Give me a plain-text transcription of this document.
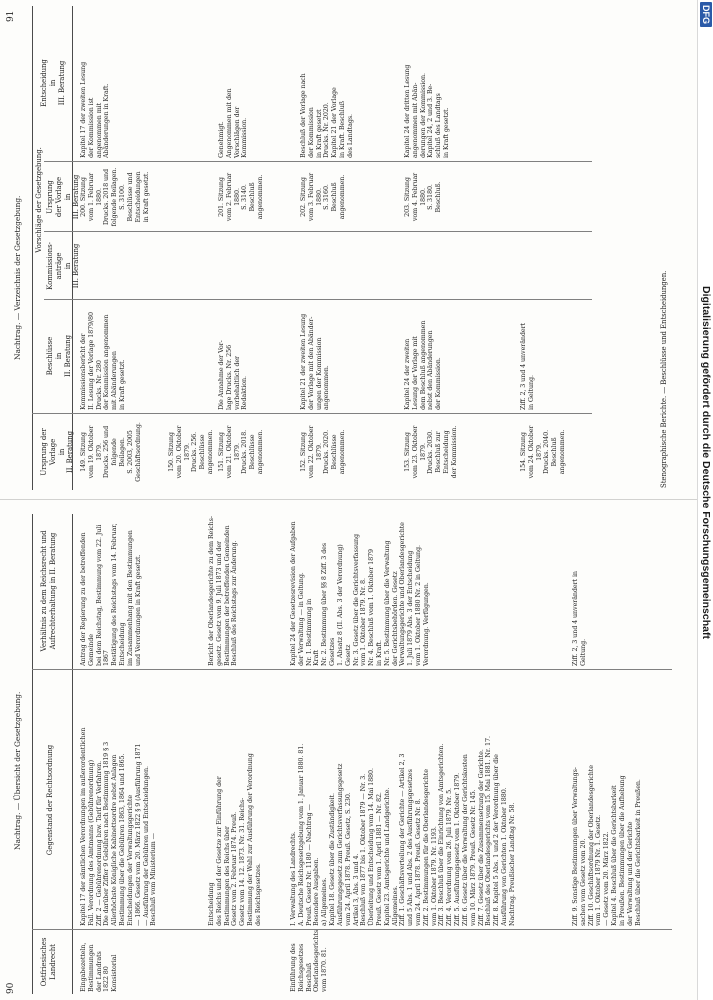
90
91
Nachtrag. — Übersicht der Gesetzgebung.
Ostfriesisches Landrecht
Gegenstand der Rechtsordnung
Verhältnis zu dem Reichsrecht und
Aufrechterhaltung in II. Beratung
Eingabezetteln,
Bestimmungen
der Landrats
1822 80
Konsistorial
Kapitel 17 der sämtlichen Verordnungen im außerordentlichen
Fall. Verordnung des Amtmanns (Gebührenordnung)
Ziff. 2 — Gebührenordnung bzw. Tarif für Verfahren.
Die darüber Ziffer 9 Gebühren nach Bestimmung 1819 § 3
Allerhöchste Königliche Kabinettsordre nebst Anlagen
Bestimmung über die Gebühren 1863, 1864 und 1865.
Entscheidungen der Verwaltungsgerichte
— 1866. Gesetz vom 20. März 1822 § 9 (Ausführung 1871
— Ausführung der Gebühren und Entscheidungen.
Beschluß vom Ministerium —
Antrag der Regierung zu der betreffenden Gemeinde
bei dem Reichstag, Bestimmung vom 22. Juli 1867
Bestätigung des Reichstags vom 14. Februar, Entscheidung
im Zusammenhang mit den Bestimmungen
und Verordnungen in Kraft gesetzt.
Entscheidung
des Reichs und der Gesetze zur Einführung der
Bestimmungen des Reichs über
Gesetz vom 2. Februar 1874. Preuß.
Gesetz vom 14. 12. 1873. Nr. 31. Reichs-
Bestimmung der Wahl zur Ausführung der Verordnung
des Reichsgesetzes.
Bericht der Oberlandesgerichte zu dem Reichs-
gesetz. Gesetz vom 9. Juli 1873 und der
Bestimmungen der betreffenden Gemeinden
Beschluß des Reichstags zur Änderung.
Einführung des
Reichsgesetzes
Beschluß
Oberlandesgerichts
vom 1870. 81.
I. Verwaltung des Landrechts.
A. Deutsche Reichsgesetzgebung vom 1. Januar 1880. 81.
Preuß. Gesetz Nr. 1180 — Nachtrag —
Besondere Ausgaben.
a) Allgemeines.
Kapitel 18. Gesetz über die Zuständigkeit.
Ausführungsgesetz zum Gerichtsverfassungsgesetz
vom 24. April 1878. Preuß. Gesetz, S. 230.
Artikel 3, Abs. 3 und 4.
Beschluß von 1877 bis 1. Oktober 1879 — Nr. 3.
Überleitung und Entscheidung vom 14. Mai 1880.
Preuß. Gesetz vom 1. April 1881 — Nr. 82.
Kapitel 23. Amtsgerichte und Landgerichte.
Allgemeines.
Ziff. 1. Geschäftsverteilung der Gerichte — Artikel 2, 3
und 5 Abs. 1 und Abs. 2 des Ausführungsgesetzes
vom 24. April 1878. Preuß. Gesetz Nr. 8.
Ziff. 2. Bestimmungen für die Oberlandesgerichte
vom 1. Oktober 1879. Nr. 1193.
Ziff. 3. Beschluß über die Einrichtung von Amtsgerichten.
Ziff. 4. Verordnung vom 26. Juli 1879. Nr. 5.
Ziff. 5. Ausführungsgesetz vom 1. Oktober 1879.
Ziff. 6. Gesetz über die Verwaltung der Gerichtskosten
vom 10. März 1879. Preuß. Gesetz Nr. 145.
Ziff. 7. Gesetz über die Zusammensetzung der Gerichte.
Beschluß des Oberlandesgerichts vom 15. Mai 1881. Nr. 17.
Ziff. 8. Kapitel 5 Abs. 1 und 2 der Verordnung über die
Ausführung von Gerichten 1. Oktober 1880.
Nachtrag. Preußischer Landtag Nr. 58.
Kapitel 24 der Gesetzesrevision der Aufgaben
der Verwaltung — in Geltung.
Nr. 1. Bestimmung in
Kraft
Nr. 2. Bestimmung über §§ 8 Ziff. 3 des Gesetzes
1. Absatz 8 (II. Abs. 3 der Verordnung)
Gesetz
Nr. 3. Gesetz über die Gerichtsverfassung
vom 1. Oktober 1879. Nr. 8.
Nr. 4. Beschluß vom 1. Oktober 1879
in Kraft.
Nr. 5. Bestimmung über die Verwaltung
der Gerichtsbehörden. Gesetz
Verwaltungsgerichte und Oberlandesgerichte
1. Juli 1879 Abs. 3 der Entscheidung
vom 1. Oktober 1880 Nr. 2 in Geltung.
Verordnung. Verfügungen.
Ziff. 9. Sonstige Bestimmungen über Verwaltungs-
sachen vom Gesetz vom 20.
Ziff. 10. Geschäftsordnung der Oberlandesgerichte
vom 1. Oktober 1879 Nr. 1. Gesetz.
— Gesetz vom 20. März 1822.
Kapitel 4. Beschluß über die Gerichtsbarkeit
in Preußen. Bestimmungen über die Aufhebung
der Verwaltung und der Gerichte
Beschluß über die Gerichtsbarkeit in Preußen.
Ziff. 2, 3 und 4 unverändert in
Geltung.
Nachtrag. — Verzeichnis der Gesetzgebung. Vorschläge der Gesetzgebung.
Ursprung der Vorlage
in
II. Beratung
Beschlüsse
in
II. Beratung
Kommissions-
anträge
in
III. Beratung
Ursprung
der Vorlage
in
III. Beratung
Entscheidung
in
III. Beratung
149. Sitzung
vom 19. Oktober
1879.
Drucks. 256 und folgende
Beilagen.
S. 2003, 2005
Geschäftsordnung.
Kommissionsbericht der
II. Lesung der Vorlage 1879/80
Drucks. Nr. 280
der Kommission angenommen
mit Abänderungen
in Kraft gesetzt.
200. Sitzung
vom 1. Februar
1880.
Drucks. 2018 und
folgende Beilagen.
S. 3100.
Beschlüsse und
Entscheidungen
in Kraft gesetzt.
Kapitel 17 der zweiten Lesung
der Kommission ist
angenommen mit
Abänderungen in Kraft.
150. Sitzung
vom 20. Oktober
1879.
Drucks. 256.
Beschlüsse angenommen. 151. Sitzung
vom 21. Oktober
1879.
Drucks. 2018.
Beschlüsse angenommen.
Die Annahme der Vor-
lage Drucks. Nr. 256
vorbehaltlich der
Redaktion.
201. Sitzung
vom 2. Februar
1880.
S. 3140.
Beschluß angenommen.
Genehmigt.
Angenommen mit den
Vorschlägen der
Kommission.
152. Sitzung
vom 22. Oktober
1879.
Drucks. 2020.
Beschlüsse angenommen.
Kapitel 21 der zweiten Lesung
der Vorlage mit den Abänder-
ungen der Kommission
angenommen.
202. Sitzung
vom 3. Februar
1880.
S. 3160.
Beschluß angenommen.
Beschluß der Vorlage nach
der Kommission
in Kraft gesetzt
Drucks. Nr. 2020.
Kapitel 21 der Vorlage
in Kraft. Beschluß
des Landtags.
153. Sitzung
vom 23. Oktober
1879.
Drucks. 2030.
Beschluß zur Entscheidung
der Kommission.
Kapitel 24 der zweiten
Lesung der Vorlage mit
dem Beschluß angenommen
nebst den Abänderungen
der Kommission.
203. Sitzung
vom 4. Februar
1880.
S. 3180.
Beschluß.
Kapitel 24 der dritten Lesung
angenommen mit Abän-
derungen der Kommission.
Kapitel 24, 2 und 3. Be-
schluß des Landtags
in Kraft gesetzt.
154. Sitzung
vom 24. Oktober
1879.
Drucks. 2040.
Beschluß angenommen.
Ziff. 2, 3 und 4 unverändert
in Geltung.	Stenographische Berichte. — Beschlüsse und Entscheidungen.
DFG
Digitalisierung gefördert durch die Deutsche Forschungsgemeinschaft
